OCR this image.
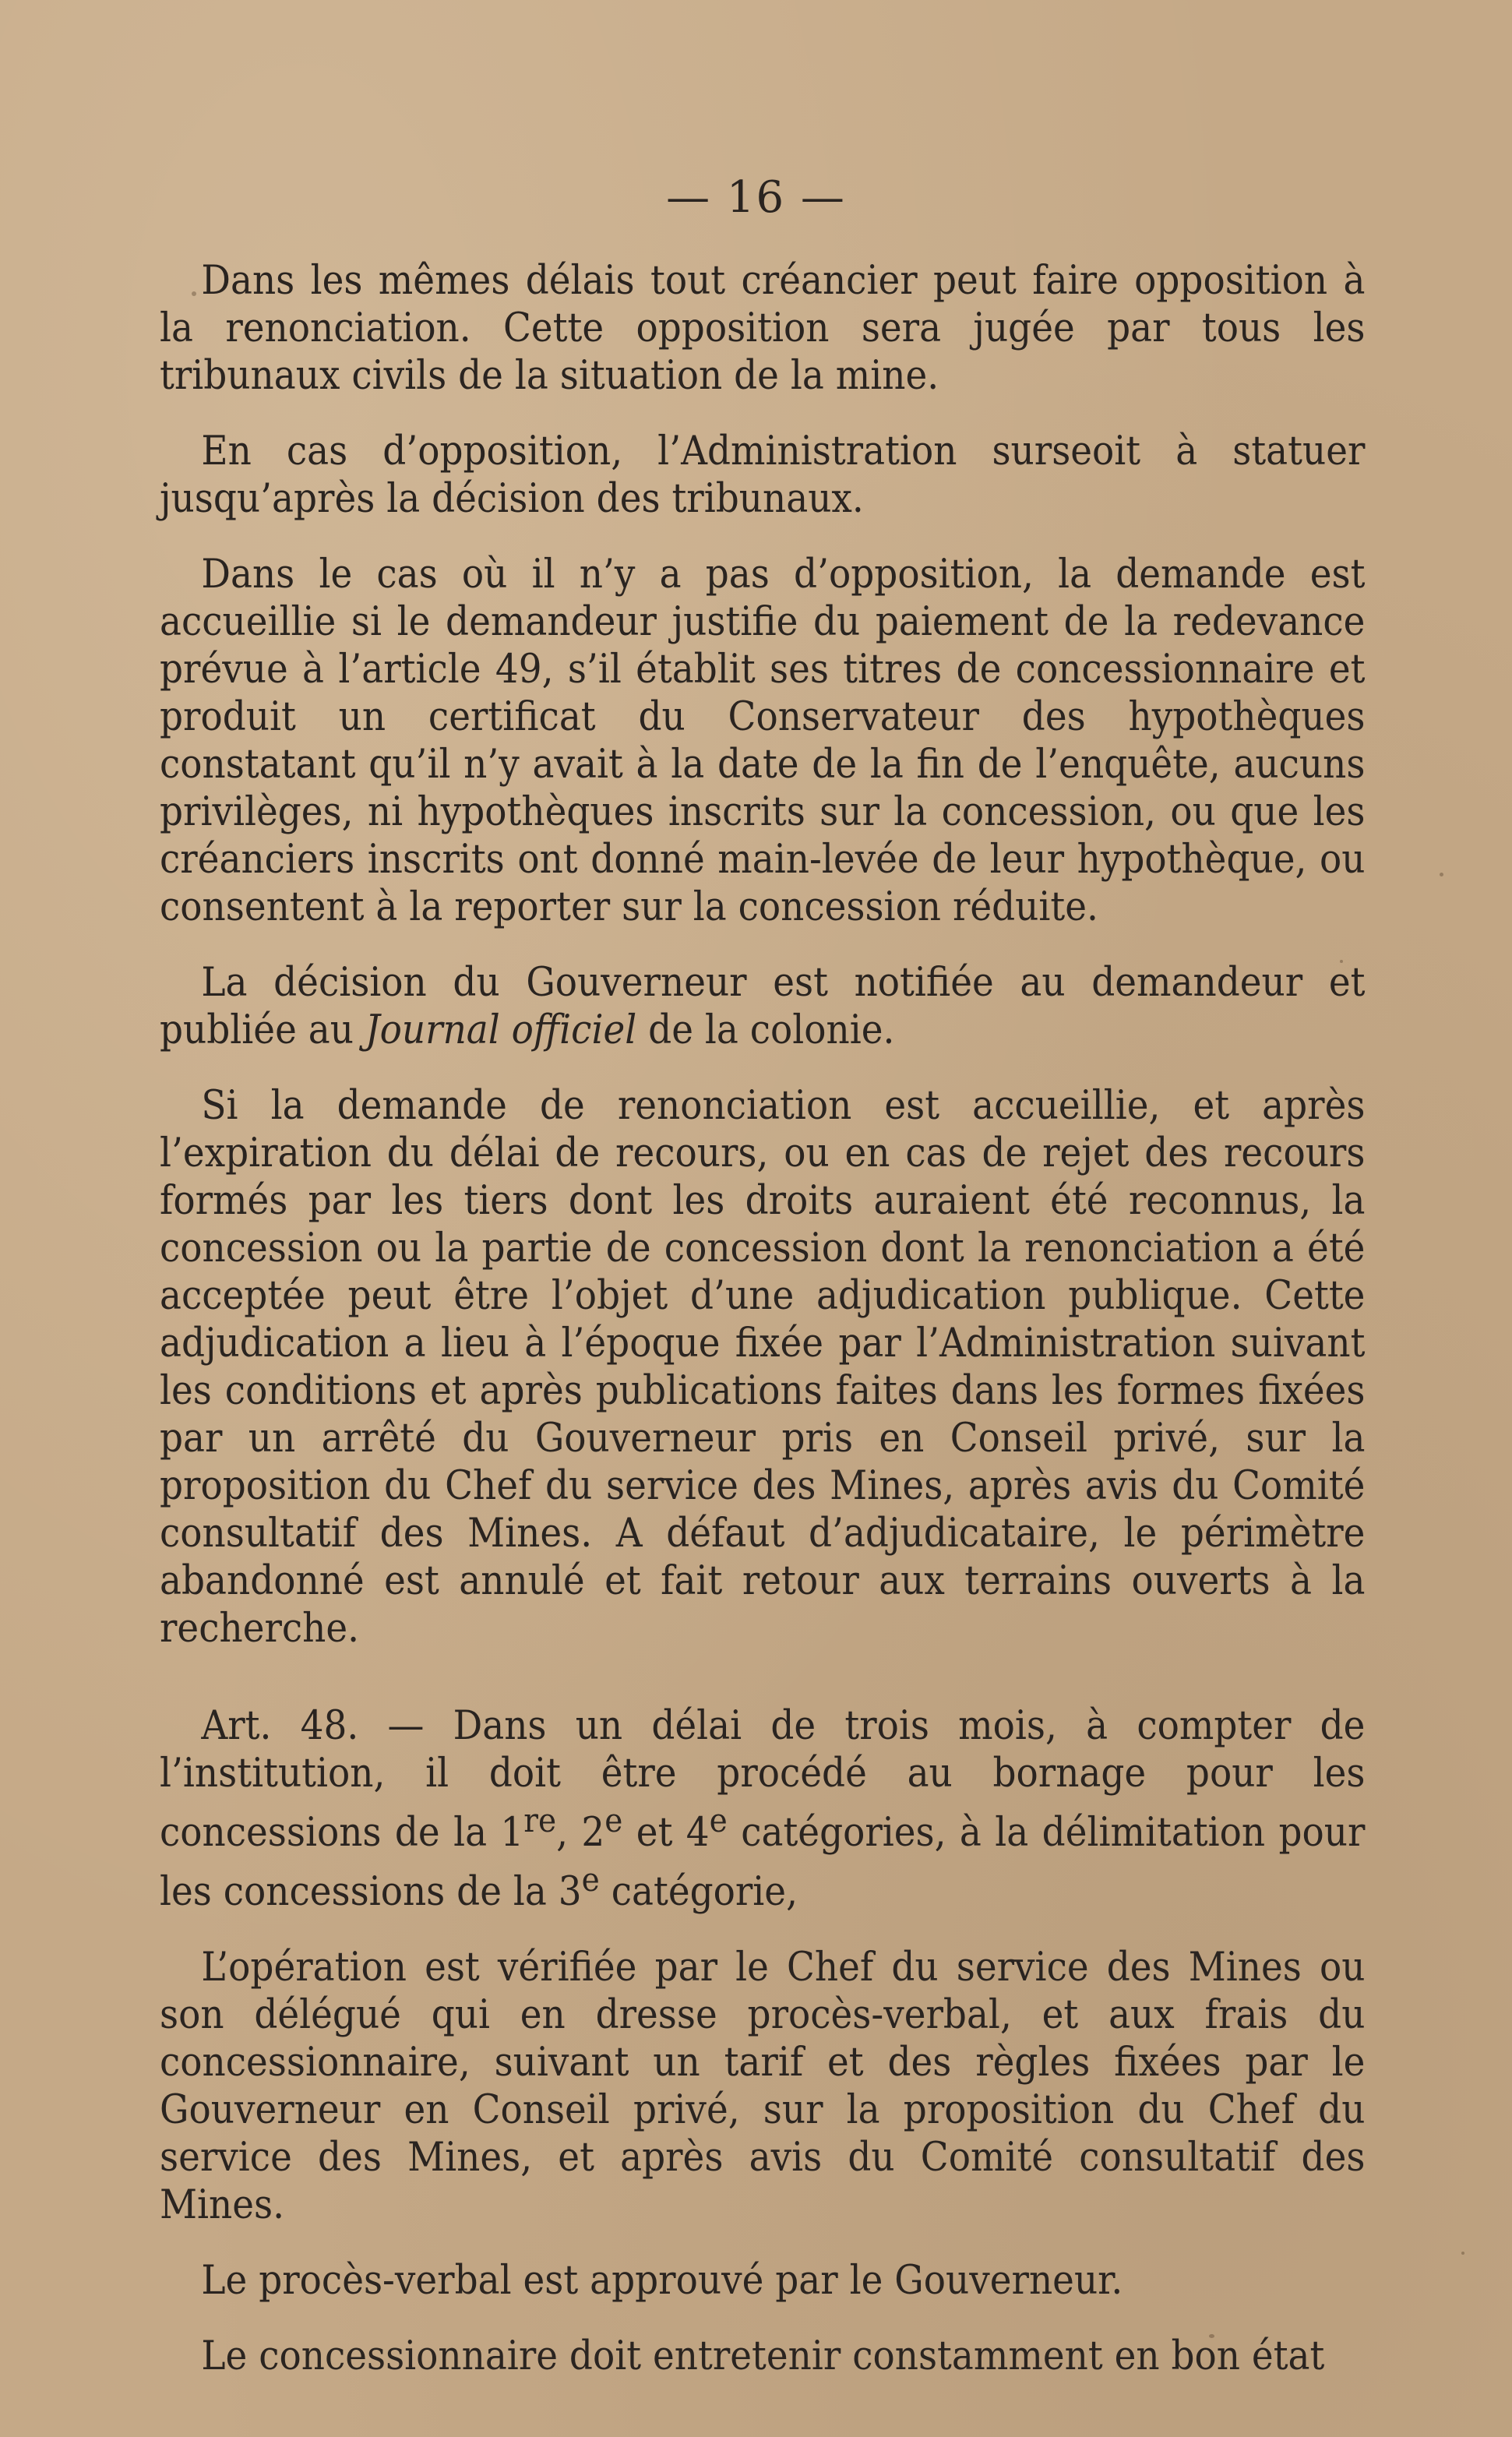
— 16 —

Dans les mêmes délais tout créancier peut faire opposition à la renonciation. Cette opposition sera jugée par tous les tribunaux civils de la situation de la mine.

En cas d’opposition, l’Administration surseoit à statuer jusqu’après la décision des tribunaux.

Dans le cas où il n’y a pas d’opposition, la demande est accueillie si le demandeur justifie du paiement de la redevance prévue à l’article 49, s’il établit ses titres de concessionnaire et produit un certificat du Conservateur des hypothèques constatant qu’il n’y avait à la date de la fin de l’enquête, aucuns privilèges, ni hypothèques inscrits sur la concession, ou que les créanciers inscrits ont donné main-levée de leur hypothèque, ou consentent à la reporter sur la concession réduite.

La décision du Gouverneur est notifiée au demandeur et publiée au Journal officiel de la colonie.

Si la demande de renonciation est accueillie, et après l’expiration du délai de recours, ou en cas de rejet des recours formés par les tiers dont les droits auraient été reconnus, la concession ou la partie de concession dont la renonciation a été acceptée peut être l’objet d’une adjudication publique. Cette adjudication a lieu à l’époque fixée par l’Administration suivant les conditions et après publications faites dans les formes fixées par un arrêté du Gouverneur pris en Conseil privé, sur la proposition du Chef du service des Mines, après avis du Comité consultatif des Mines. A défaut d’adjudicataire, le périmètre abandonné est annulé et fait retour aux terrains ouverts à la recherche.

Art. 48. — Dans un délai de trois mois, à compter de l’institution, il doit être procédé au bornage pour les concessions de la 1re, 2e et 4e catégories, à la délimitation pour les concessions de la 3e catégorie,

L’opération est vérifiée par le Chef du service des Mines ou son délégué qui en dresse procès-verbal, et aux frais du concessionnaire, suivant un tarif et des règles fixées par le Gouverneur en Conseil privé, sur la proposition du Chef du service des Mines, et après avis du Comité consultatif des Mines.

Le procès-verbal est approuvé par le Gouverneur.

Le concessionnaire doit entretenir constamment en bon état
